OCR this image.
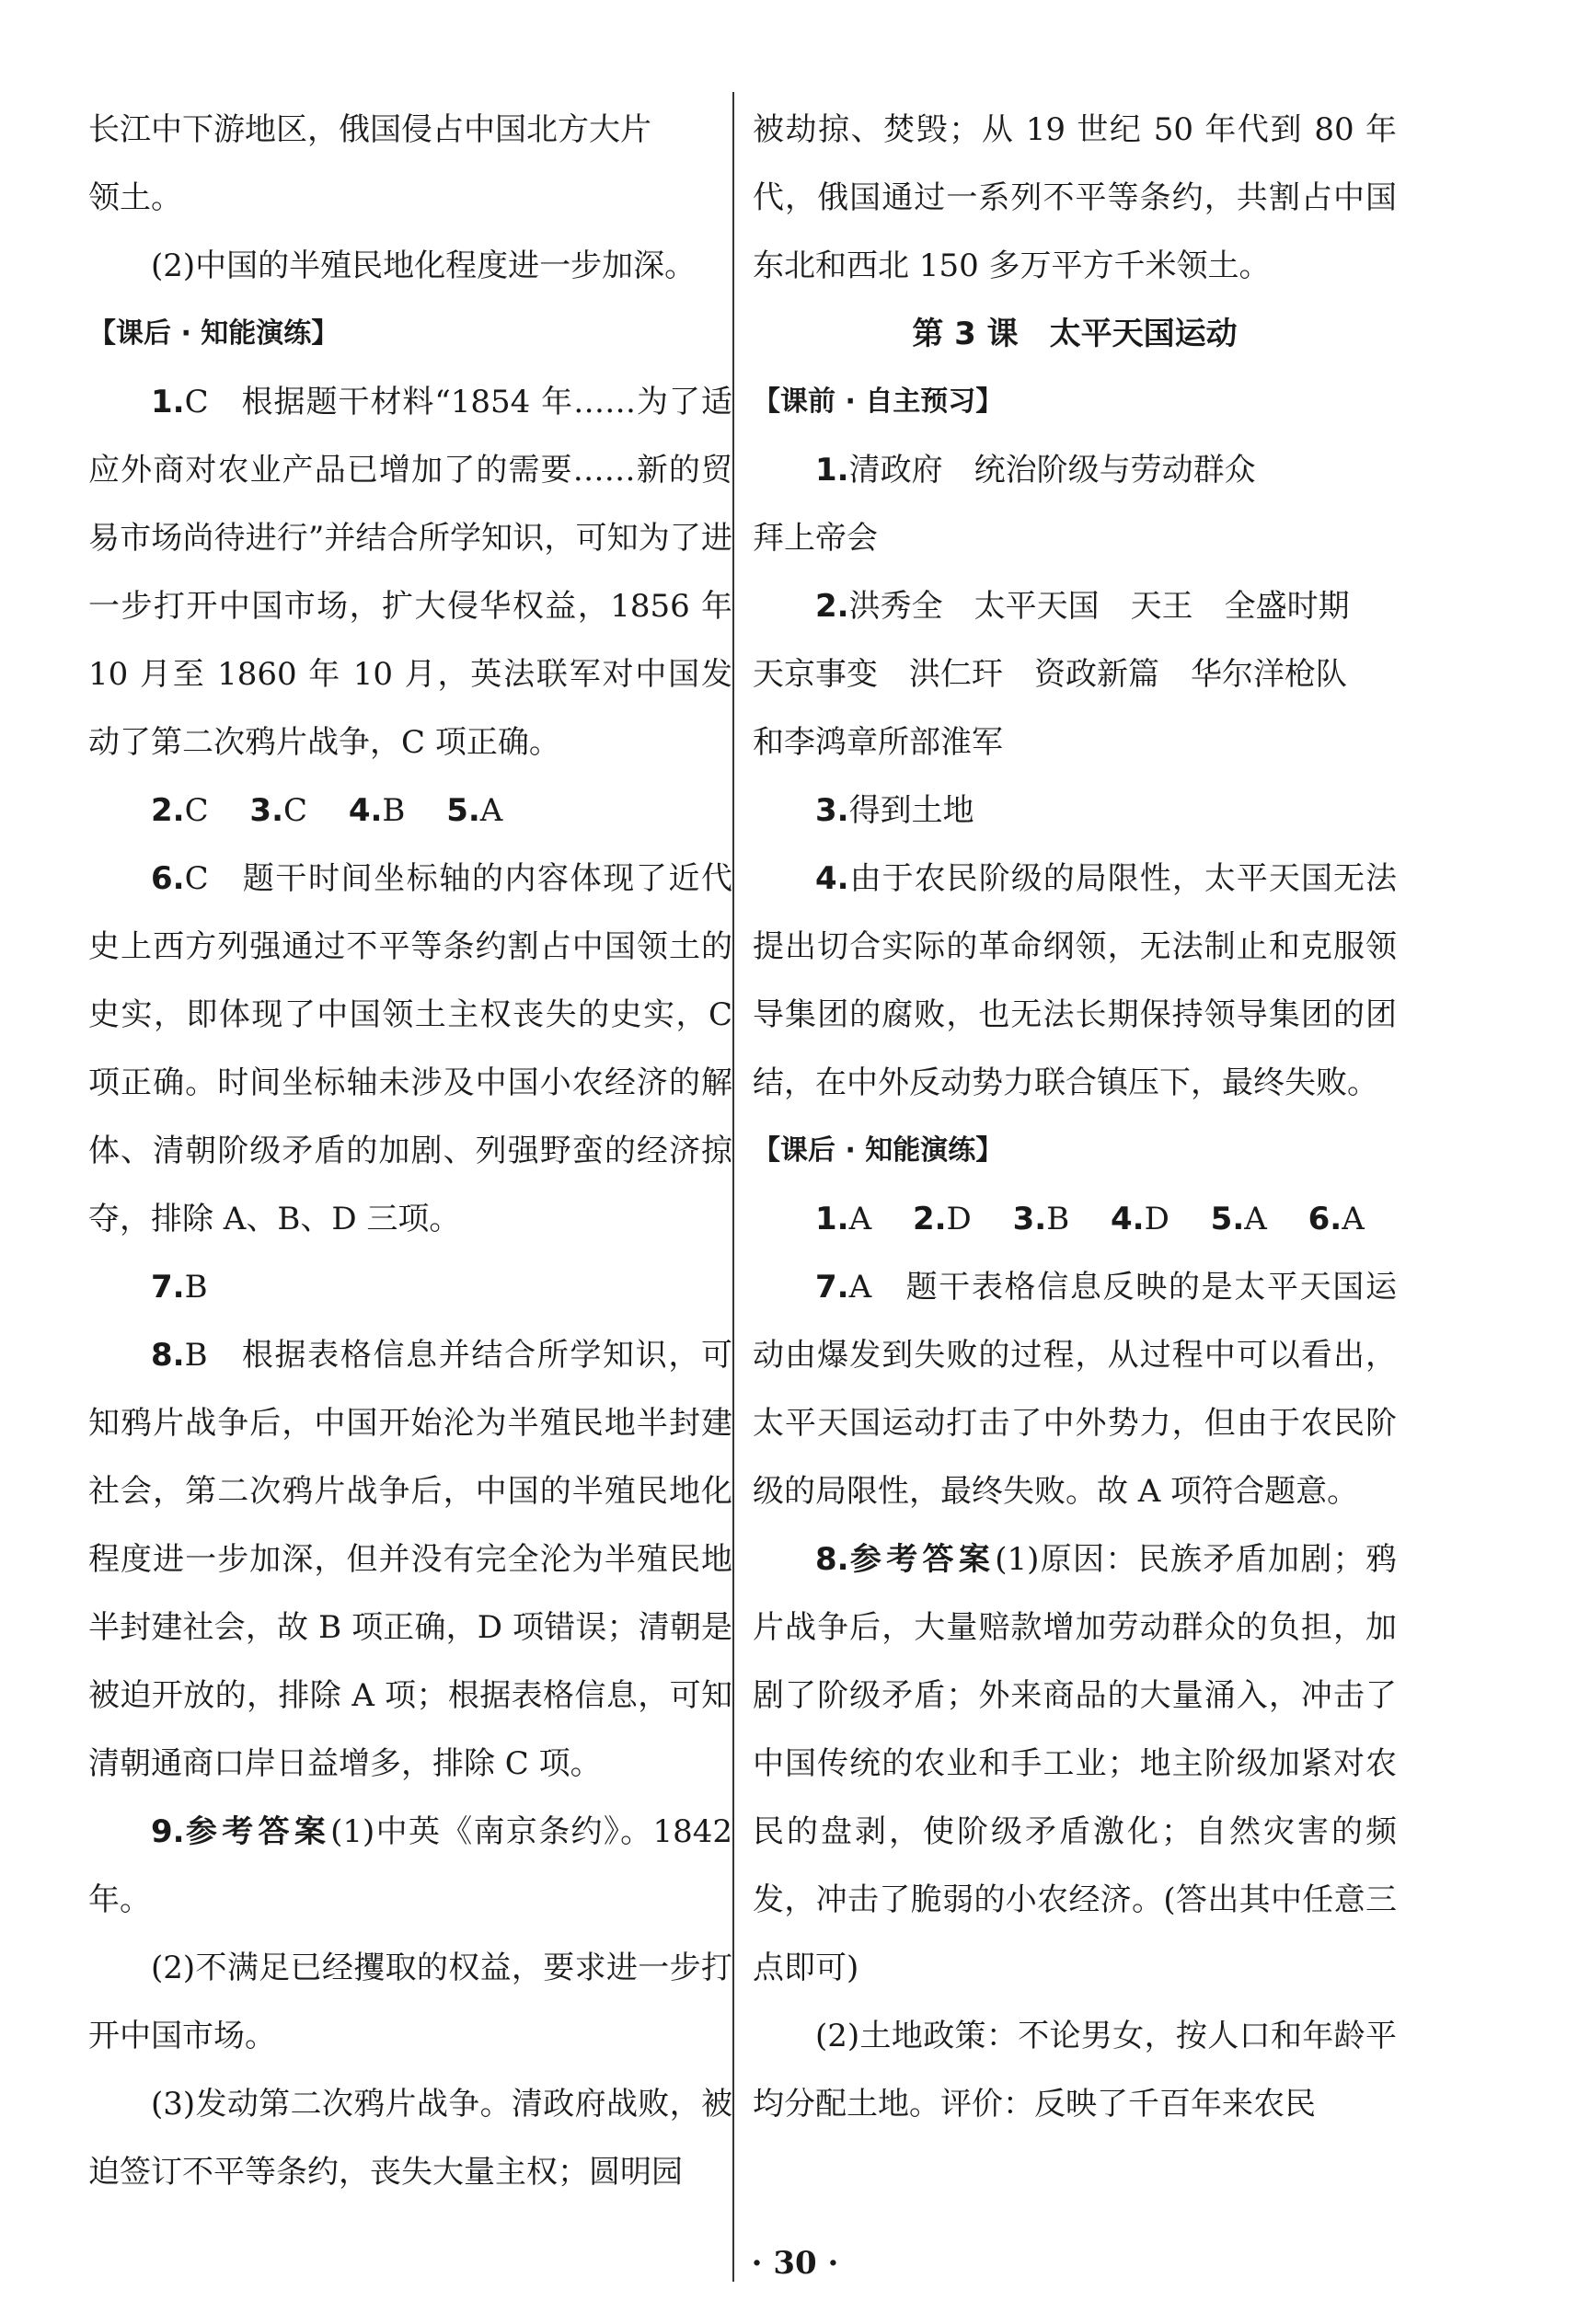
长江中下游地区，俄国侵占中国北方大片

领土。

(2)中国的半殖民地化程度进一步加深。

【课后 · 知能演练】

1.C　根据题干材料“1854 年……为了适应外商对农业产品已增加了的需要……新的贸易市场尚待进行”并结合所学知识，可知为了进一步打开中国市场，扩大侵华权益，1856 年 10 月至 1860 年 10 月，英法联军对中国发动了第二次鸦片战争，C 项正确。

2.C 3.C 4.B 5.A

6.C　题干时间坐标轴的内容体现了近代史上西方列强通过不平等条约割占中国领土的史实，即体现了中国领土主权丧失的史实，C 项正确。时间坐标轴未涉及中国小农经济的解体、清朝阶级矛盾的加剧、列强野蛮的经济掠夺，排除 A、B、D 三项。

7.B

8.B　根据表格信息并结合所学知识，可知鸦片战争后，中国开始沦为半殖民地半封建社会，第二次鸦片战争后，中国的半殖民地化程度进一步加深，但并没有完全沦为半殖民地半封建社会，故 B 项正确，D 项错误；清朝是被迫开放的，排除 A 项；根据表格信息，可知清朝通商口岸日益增多，排除 C 项。

9.参考答案(1)中英《南京条约》。1842 年。

(2)不满足已经攫取的权益，要求进一步打开中国市场。

(3)发动第二次鸦片战争。清政府战败，被迫签订不平等条约，丧失大量主权；圆明园

被劫掠、焚毁；从 19 世纪 50 年代到 80 年代，俄国通过一系列不平等条约，共割占中国东北和西北 150 多万平方千米领土。

第 3 课　太平天国运动

【课前 · 自主预习】

1.清政府　统治阶级与劳动群众

拜上帝会

2.洪秀全　太平天国　天王　全盛时期

天京事变　洪仁玕　资政新篇　华尔洋枪队

和李鸿章所部淮军

3.得到土地

4.由于农民阶级的局限性，太平天国无法提出切合实际的革命纲领，无法制止和克服领导集团的腐败，也无法长期保持领导集团的团结，在中外反动势力联合镇压下，最终失败。

【课后 · 知能演练】

1.A 2.D 3.B 4.D 5.A 6.A

7.A　题干表格信息反映的是太平天国运动由爆发到失败的过程，从过程中可以看出，太平天国运动打击了中外势力，但由于农民阶级的局限性，最终失败。故 A 项符合题意。

8.参考答案(1)原因：民族矛盾加剧；鸦片战争后，大量赔款增加劳动群众的负担，加剧了阶级矛盾；外来商品的大量涌入，冲击了中国传统的农业和手工业；地主阶级加紧对农民的盘剥，使阶级矛盾激化；自然灾害的频发，冲击了脆弱的小农经济。(答出其中任意三点即可)

(2)土地政策：不论男女，按人口和年龄平均分配土地。评价：反映了千百年来农民

· 30 ·
